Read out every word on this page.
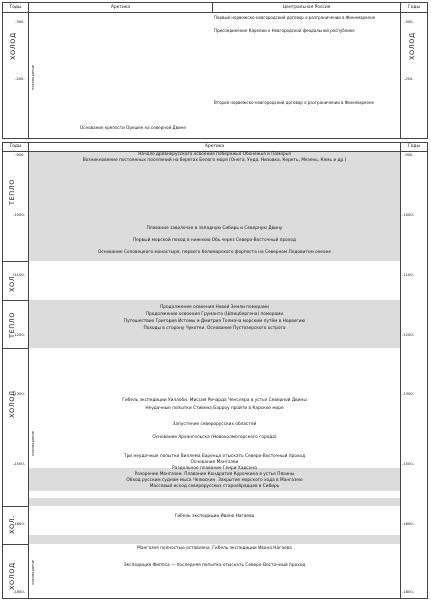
Годы	Арктика	Центральная Россия	Годы
ХОЛОД
похолодание
ХОЛОД
-300-	-300-
-200-	-200-
Первый норвежско-новгородский договор о разграничении в Финнмаркене
Присоединение Карелии к Новгородской феодальной республике
Второй норвежско-новгородский договор о разграничении в Финнмаркене
Основание крепости Орешек на северной Двине
Годы	Арктика	Годы
ТЕПЛО
ХОЛ.
ТЕПЛО
ХОЛОД
похолодание
ХОЛ.
ХОЛОД	похолодание
-900-	-900-
-1000-	-1000-
-1100-	-1100-
-1200-	-1200-
-1300-	-1300-
-1500-	-1500-
-1600-	-1600-
-1800-	-1800-
Начало древнерусского освоения побережья Обонежья и Поморья
Возникновение постоянных поселений на берегах Белого моря (Онега, Унда, Низовка, Кереть, Мезень, Кемь и др.)
Плавание заволочан в западную Сибирь и Северную Двину
Первый морской поход в нижнюю Обь через Северо-Восточный проход
Основание Соловецкого монастыря, первого беломорского форпоста на Северном Ледовитом океане
Продолжение освоения Новой Земли поморами
Продолжение освоения Груманта (Шпицбергена) поморами
Путешествие Григория Истомы и Дмитрия Толмача морским путём в Норвегию
Походы в сторону Чукотки. Основание Пустозерского острога
Гибель экспедиции Уиллоби. Миссия Ричарда Ченслера в устье Северной Двины
Неудачные попытки Стивена Барроу пройти в Карское море
Запустение северорусских областей
Основание Архангельска (Новохолмогорского города)
Три неудачные попытки Виллема Баренца отыскать Северо-Восточный проход
Основание Мангазеи
Раздельное плавание Генри Хадсона
Разорение Мангазеи. Плавание Кондратия Курочкина в устье Пясины
Обход русским судном мыса Челюскин. Закрытие морского хода в Мангазею
Массовый исход северорусских старообрядцев в Сибирь
Гибель экспедиции Ивана Нагаева
Мангазея полностью оставлена. Гибель экспедиции Ивана Нагаева
Экспедиция Фиппса — последняя попытка отыскать Северо-Восточный проход
